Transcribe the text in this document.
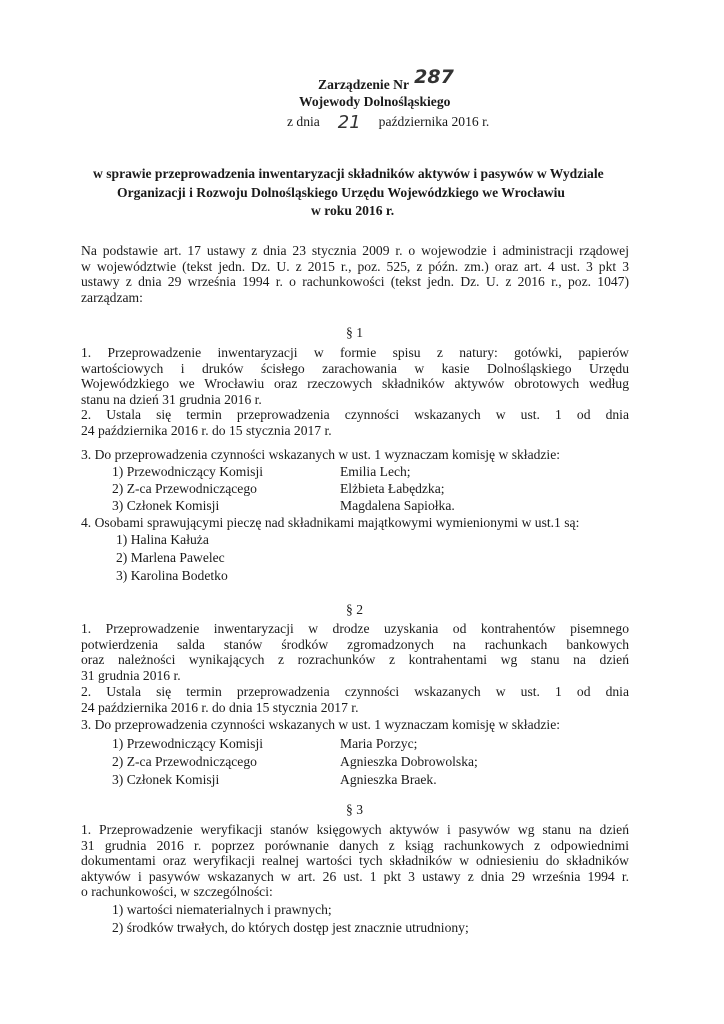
Zarządzenie Nr 287
Wojewody Dolnośląskiego
z dnia 21 października 2016 r.
w sprawie przeprowadzenia inwentaryzacji składników aktywów i pasywów w Wydziale
Organizacji i Rozwoju Dolnośląskiego Urzędu Wojewódzkiego we Wrocławiu
w roku 2016 r.
Na podstawie art. 17 ustawy z dnia 23 stycznia 2009 r. o wojewodzie i administracji rządowej
w województwie (tekst jedn. Dz. U. z 2015 r., poz. 525, z późn. zm.) oraz art. 4 ust. 3 pkt 3
ustawy z dnia 29 września 1994 r. o rachunkowości (tekst jedn. Dz. U. z 2016 r., poz. 1047)
zarządzam:
§ 1
1. Przeprowadzenie inwentaryzacji w formie spisu z natury: gotówki, papierów
wartościowych i druków ścisłego zarachowania w kasie Dolnośląskiego Urzędu
Wojewódzkiego we Wrocławiu oraz rzeczowych składników aktywów obrotowych według
stanu na dzień 31 grudnia 2016 r.
2. Ustala się termin przeprowadzenia czynności wskazanych w ust. 1 od dnia
24 października 2016 r. do 15 stycznia 2017 r.
3. Do przeprowadzenia czynności wskazanych w ust. 1 wyznaczam komisję w składzie:
1) Przewodniczący Komisji	Emilia Lech;
2) Z-ca Przewodniczącego	Elżbieta Łabędzka;
3) Członek Komisji	Magdalena Sapiołka.
4. Osobami sprawującymi pieczę nad składnikami majątkowymi wymienionymi w ust.1 są:
1) Halina Kałuża
2) Marlena Pawelec
3) Karolina Bodetko
§ 2
1. Przeprowadzenie inwentaryzacji w drodze uzyskania od kontrahentów pisemnego
potwierdzenia salda stanów środków zgromadzonych na rachunkach bankowych
oraz należności wynikających z rozrachunków z kontrahentami wg stanu na dzień
31 grudnia 2016 r.
2. Ustala się termin przeprowadzenia czynności wskazanych w ust. 1 od dnia
24 października 2016 r. do dnia 15 stycznia 2017 r.
3. Do przeprowadzenia czynności wskazanych w ust. 1 wyznaczam komisję w składzie:
1) Przewodniczący Komisji	Maria Porzyc;
2) Z-ca Przewodniczącego	Agnieszka Dobrowolska;
3) Członek Komisji	Agnieszka Braek.
§ 3
1. Przeprowadzenie weryfikacji stanów księgowych aktywów i pasywów wg stanu na dzień
31 grudnia 2016 r. poprzez porównanie danych z ksiąg rachunkowych z odpowiednimi
dokumentami oraz weryfikacji realnej wartości tych składników w odniesieniu do składników
aktywów i pasywów wskazanych w art. 26 ust. 1 pkt 3 ustawy z dnia 29 września 1994 r.
o rachunkowości, w szczególności:
1) wartości niematerialnych i prawnych;
2) środków trwałych, do których dostęp jest znacznie utrudniony;
